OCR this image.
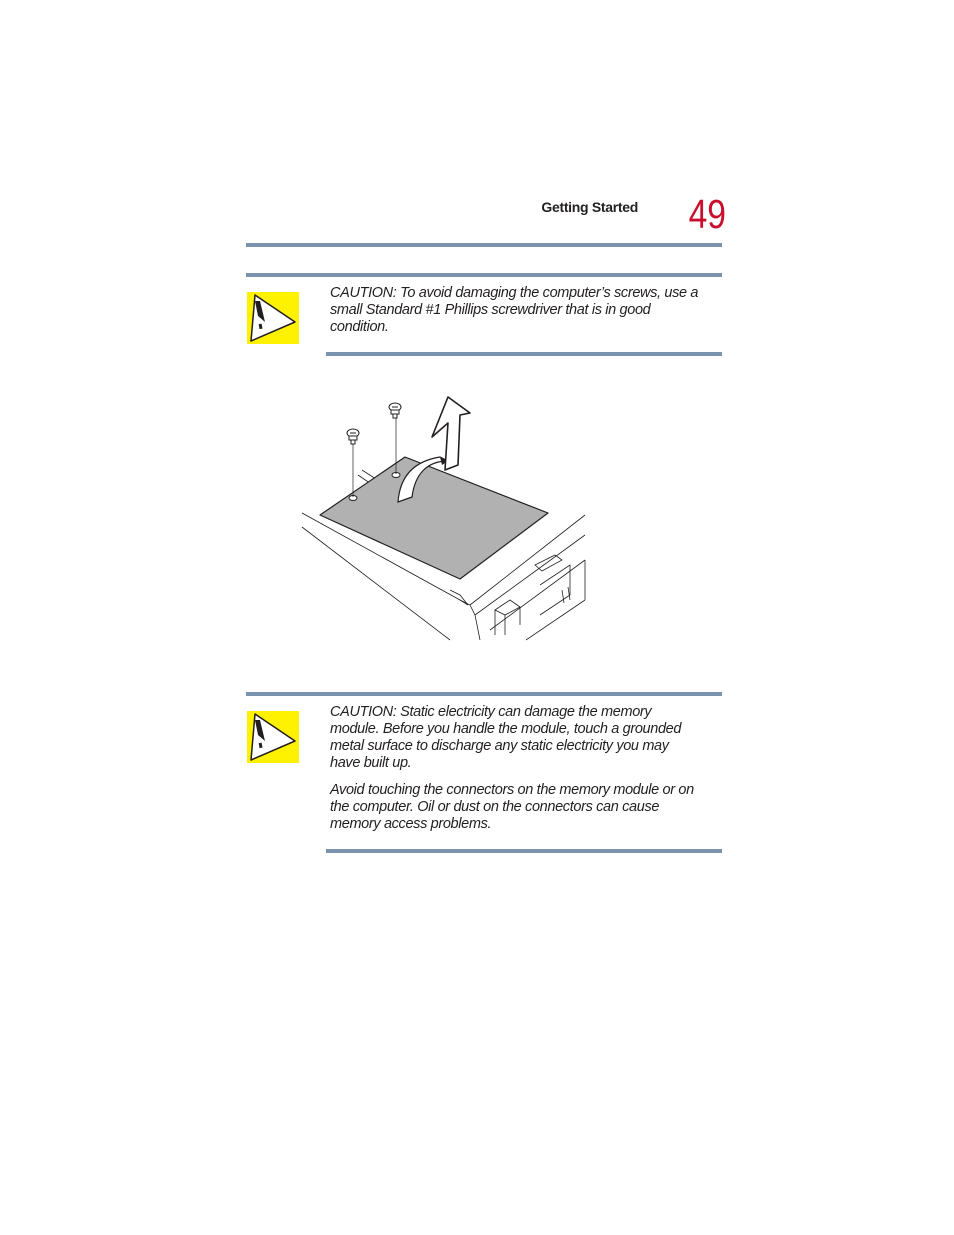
Getting Started 49

CAUTION: To avoid damaging the computer’s screws, use a small Standard #1 Phillips screwdriver that is in good condition.

CAUTION: Static electricity can damage the memory module. Before you handle the module, touch a grounded metal surface to discharge any static electricity you may have built up.

Avoid touching the connectors on the memory module or on the computer. Oil or dust on the connectors can cause memory access problems.
